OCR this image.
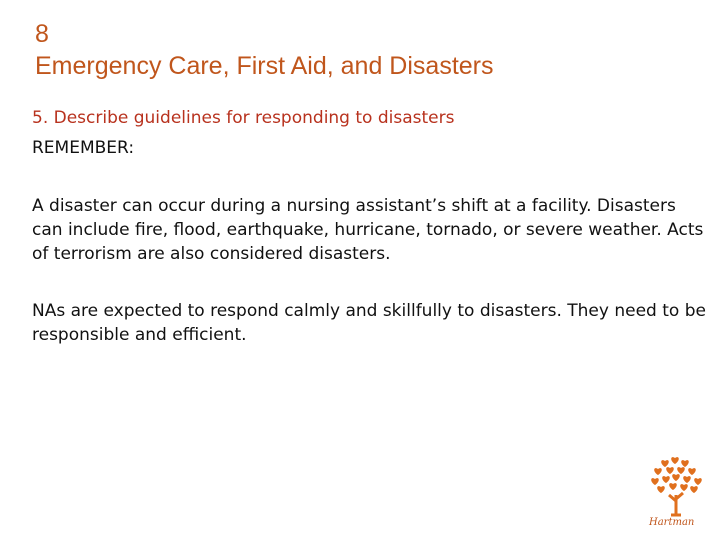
8
Emergency Care, First Aid, and Disasters
5. Describe guidelines for responding to disasters
REMEMBER:
A disaster can occur during a nursing assistant’s shift at a facility. Disasters can include fire, flood, earthquake, hurricane, tornado, or severe weather. Acts of terrorism are also considered disasters.
NAs are expected to respond calmly and skillfully to disasters. They need to be responsible and efficient.
Hartman
